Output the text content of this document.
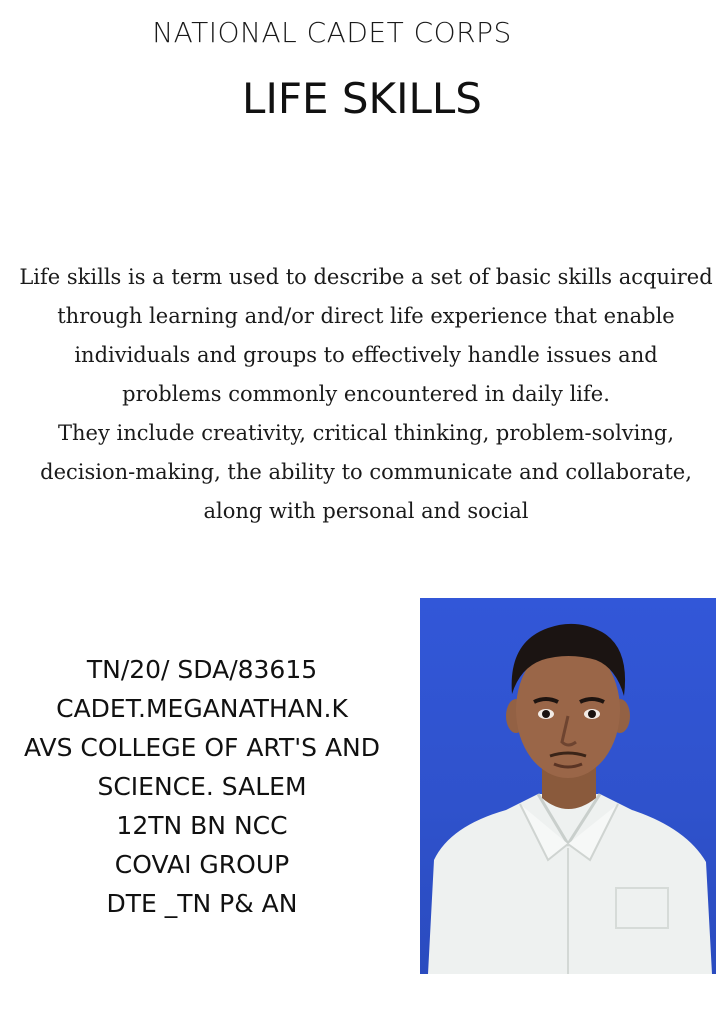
NATIONAL CADET CORPS
LIFE SKILLS
Life skills is a term used to describe a set of basic skills acquired
through learning and/or direct life experience that enable
individuals and groups to effectively handle issues and
problems commonly encountered in daily life.
They include creativity, critical thinking, problem-solving,
decision-making, the ability to communicate and collaborate,
along with personal and social
TN/20/ SDA/83615
CADET.MEGANATHAN.K
AVS COLLEGE OF ART'S AND
SCIENCE. SALEM
12TN BN NCC
COVAI GROUP
DTE _TN P& AN
